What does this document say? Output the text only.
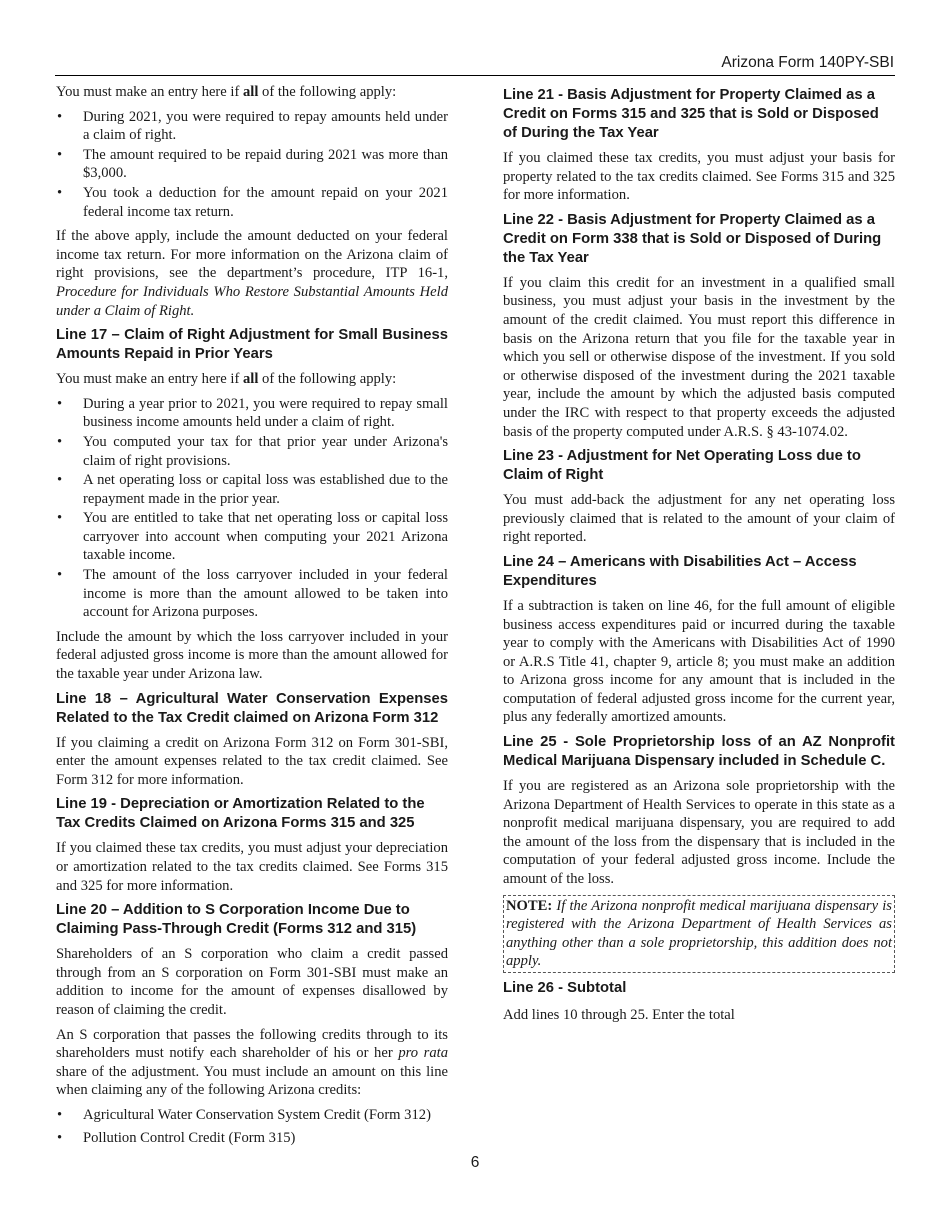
Arizona Form 140PY-SBI

You must make an entry here if all of the following apply:

• During 2021, you were required to repay amounts held under a claim of right.
• The amount required to be repaid during 2021 was more than $3,000.
• You took a deduction for the amount repaid on your 2021 federal income tax return.

If the above apply, include the amount deducted on your federal income tax return. For more information on the Arizona claim of right provisions, see the department’s procedure, ITP 16-1, Procedure for Individuals Who Restore Substantial Amounts Held under a Claim of Right.

Line 17 – Claim of Right Adjustment for Small Business Amounts Repaid in Prior Years

You must make an entry here if all of the following apply:

• During a year prior to 2021, you were required to repay small business income amounts held under a claim of right.
• You computed your tax for that prior year under Arizona's claim of right provisions.
• A net operating loss or capital loss was established due to the repayment made in the prior year.
• You are entitled to take that net operating loss or capital loss carryover into account when computing your 2021 Arizona taxable income.
• The amount of the loss carryover included in your federal income is more than the amount allowed to be taken into account for Arizona purposes.

Include the amount by which the loss carryover included in your federal adjusted gross income is more than the amount allowed for the taxable year under Arizona law.

Line 18 – Agricultural Water Conservation Expenses Related to the Tax Credit claimed on Arizona Form 312

If you claiming a credit on Arizona Form 312 on Form 301-SBI, enter the amount expenses related to the tax credit claimed. See Form 312 for more information.

Line 19 - Depreciation or Amortization Related to the Tax Credits Claimed on Arizona Forms 315 and 325

If you claimed these tax credits, you must adjust your depreciation or amortization related to the tax credits claimed. See Forms 315 and 325 for more information.

Line 20 – Addition to S Corporation Income Due to Claiming Pass-Through Credit (Forms 312 and 315)

Shareholders of an S corporation who claim a credit passed through from an S corporation on Form 301-SBI must make an addition to income for the amount of expenses disallowed by reason of claiming the credit.

An S corporation that passes the following credits through to its shareholders must notify each shareholder of his or her pro rata share of the adjustment. You must include an amount on this line when claiming any of the following Arizona credits:

• Agricultural Water Conservation System Credit (Form 312)
• Pollution Control Credit (Form 315)
Line 21 - Basis Adjustment for Property Claimed as a Credit on Forms 315 and 325 that is Sold or Disposed of During the Tax Year

If you claimed these tax credits, you must adjust your basis for property related to the tax credits claimed. See Forms 315 and 325 for more information.

Line 22 - Basis Adjustment for Property Claimed as a Credit on Form 338 that is Sold or Disposed of During the Tax Year

If you claim this credit for an investment in a qualified small business, you must adjust your basis in the investment by the amount of the credit claimed. You must report this difference in basis on the Arizona return that you file for the taxable year in which you sell or otherwise dispose of the investment. If you sold or otherwise disposed of the investment during the 2021 taxable year, include the amount by which the adjusted basis computed under the IRC with respect to that property exceeds the adjusted basis of the property computed under A.R.S. § 43-1074.02.

Line 23 - Adjustment for Net Operating Loss due to Claim of Right

You must add-back the adjustment for any net operating loss previously claimed that is related to the amount of your claim of right reported.

Line 24 – Americans with Disabilities Act – Access Expenditures

If a subtraction is taken on line 46, for the full amount of eligible business access expenditures paid or incurred during the taxable year to comply with the Americans with Disabilities Act of 1990 or A.R.S Title 41, chapter 9, article 8; you must make an addition to Arizona gross income for any amount that is included in the computation of federal adjusted gross income for the current year, plus any federally amortized amounts.

Line 25 - Sole Proprietorship loss of an AZ Nonprofit Medical Marijuana Dispensary included in Schedule C.

If you are registered as an Arizona sole proprietorship with the Arizona Department of Health Services to operate in this state as a nonprofit medical marijuana dispensary, you are required to add the amount of the loss from the dispensary that is included in the computation of your federal adjusted gross income. Include the amount of the loss.

NOTE: If the Arizona nonprofit medical marijuana dispensary is registered with the Arizona Department of Health Services as anything other than a sole proprietorship, this addition does not apply.
Line 26 - Subtotal

Add lines 10 through 25. Enter the total

6
